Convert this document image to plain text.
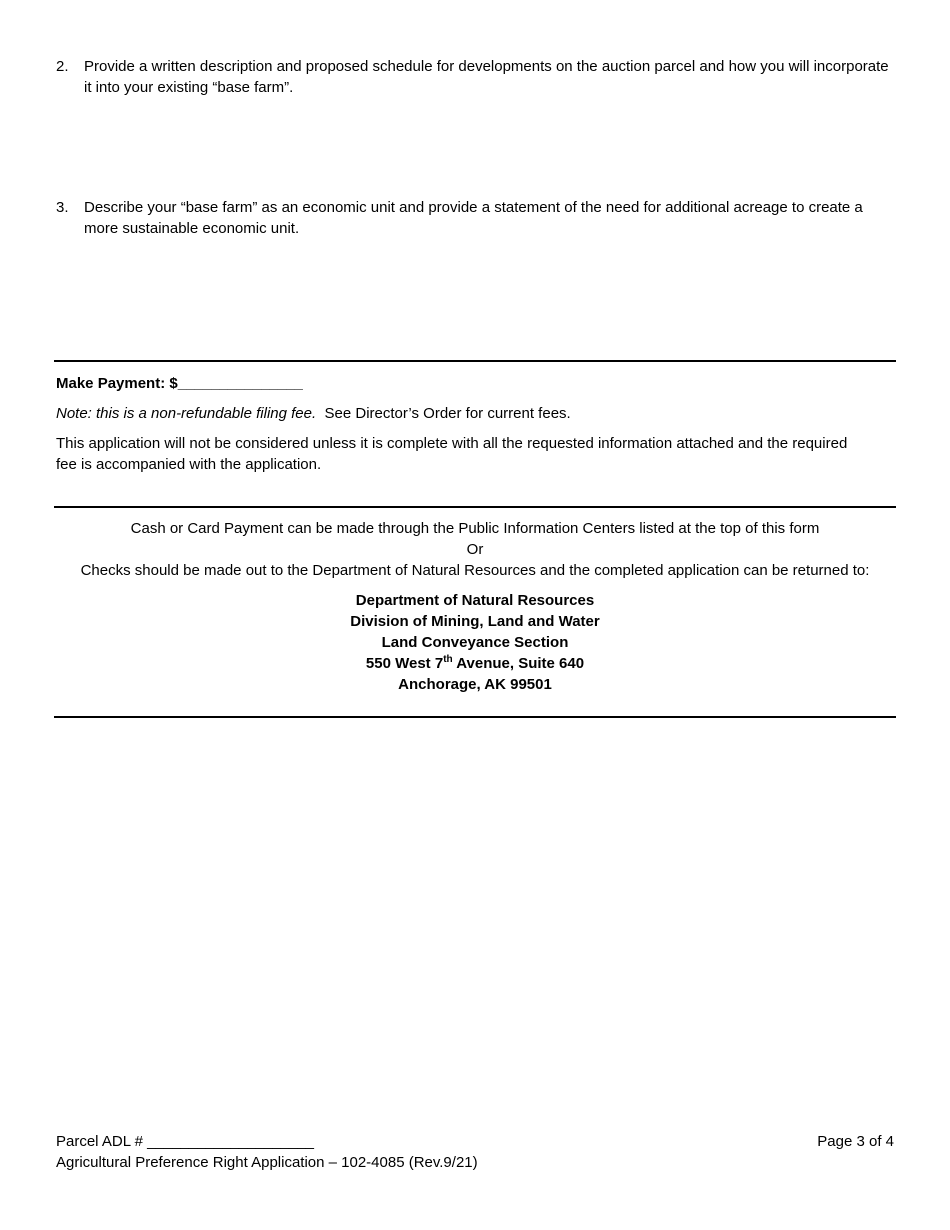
2.	Provide a written description and proposed schedule for developments on the auction parcel and how you will incorporate it into your existing “base farm”.
3.	Describe your “base farm” as an economic unit and provide a statement of the need for additional acreage to create a more sustainable economic unit.
Make Payment: $_______________
Note: this is a non-refundable filing fee. See Director’s Order for current fees.
This application will not be considered unless it is complete with all the requested information attached and the required fee is accompanied with the application.
Cash or Card Payment can be made through the Public Information Centers listed at the top of this form
Or
Checks should be made out to the Department of Natural Resources and the completed application can be returned to:
Department of Natural Resources
Division of Mining, Land and Water
Land Conveyance Section
550 West 7th Avenue, Suite 640
Anchorage, AK 99501
Parcel ADL # ____________________	Page 3 of 4
Agricultural Preference Right Application – 102-4085 (Rev.9/21)
